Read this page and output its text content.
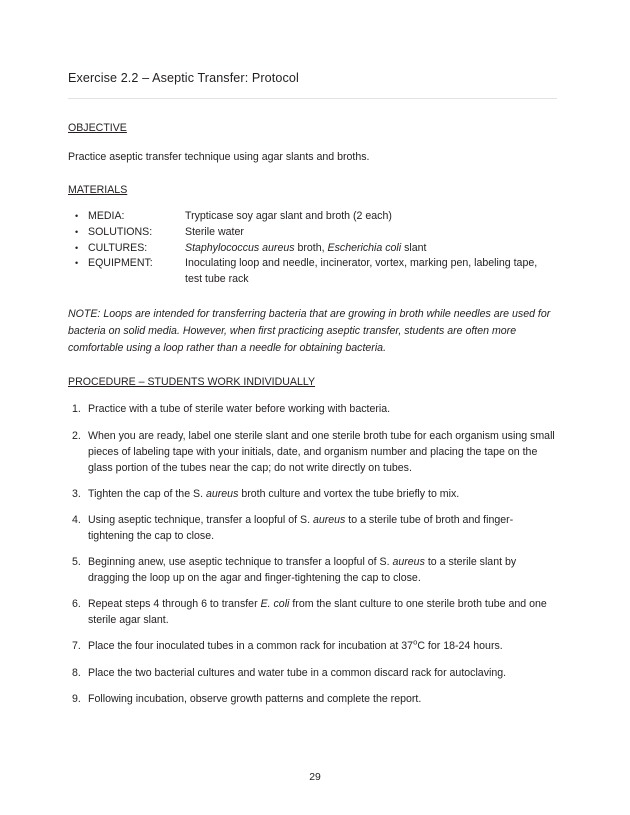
Exercise 2.2 – Aseptic Transfer: Protocol
OBJECTIVE

Practice aseptic transfer technique using agar slants and broths.

MATERIALS
• MEDIA:	Trypticase soy agar slant and broth (2 each)
• SOLUTIONS:	Sterile water
• CULTURES:	Staphylococcus aureus broth, Escherichia coli slant
• EQUIPMENT:	Inoculating loop and needle, incinerator, vortex, marking pen, labeling tape, test tube rack

NOTE: Loops are intended for transferring bacteria that are growing in broth while needles are used for bacteria on solid media. However, when first practicing aseptic transfer, students are often more comfortable using a loop rather than a needle for obtaining bacteria.

PROCEDURE – STUDENTS WORK INDIVIDUALLY
1. Practice with a tube of sterile water before working with bacteria.
2. When you are ready, label one sterile slant and one sterile broth tube for each organism using small pieces of labeling tape with your initials, date, and organism number and placing the tape on the glass portion of the tubes near the cap; do not write directly on tubes.
3. Tighten the cap of the S. aureus broth culture and vortex the tube briefly to mix.
4. Using aseptic technique, transfer a loopful of S. aureus to a sterile tube of broth and finger-tightening the cap to close.
5. Beginning anew, use aseptic technique to transfer a loopful of S. aureus to a sterile slant by dragging the loop up on the agar and finger-tightening the cap to close.
6. Repeat steps 4 through 6 to transfer E. coli from the slant culture to one sterile broth tube and one sterile agar slant.
7. Place the four inoculated tubes in a common rack for incubation at 37$^o$C for 18-24 hours.
8. Place the two bacterial cultures and water tube in a common discard rack for autoclaving.
9. Following incubation, observe growth patterns and complete the report.
29
